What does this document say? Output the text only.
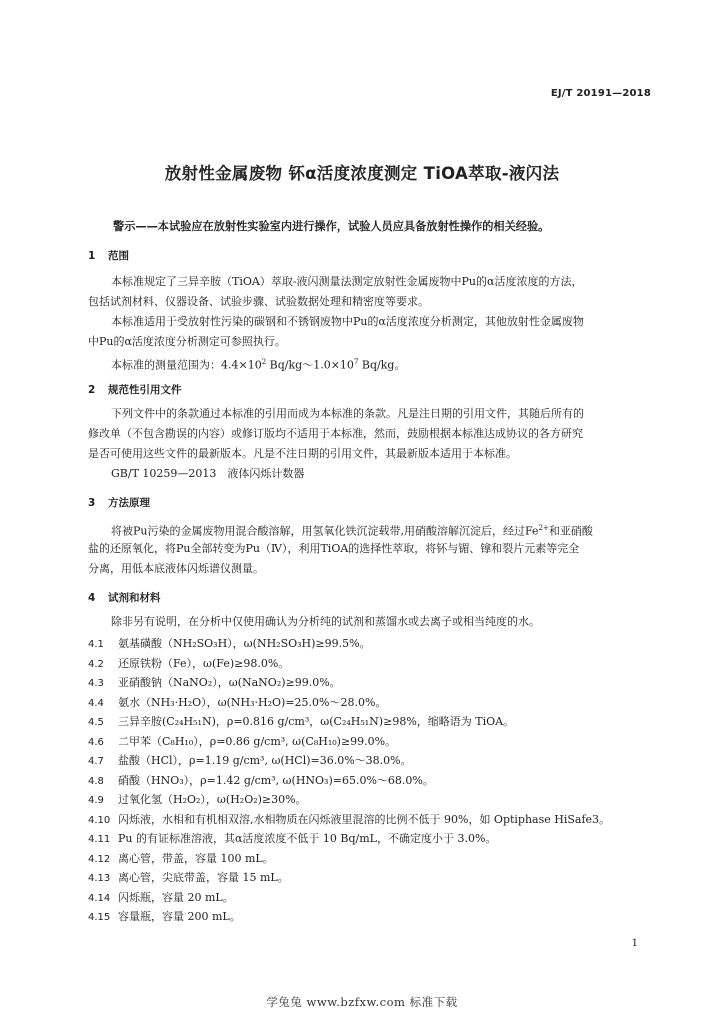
EJ/T 20191—2018
放射性金属废物 钚α活度浓度测定 TiOA萃取-液闪法
警示——本试验应在放射性实验室内进行操作，试验人员应具备放射性操作的相关经验。
1 范围
本标准规定了三异辛胺（TiOA）萃取-液闪测量法测定放射性金属废物中Pu的α活度浓度的方法，
包括试剂材料、仪器设备、试验步骤、试验数据处理和精密度等要求。
本标准适用于受放射性污染的碳钢和不锈钢废物中Pu的α活度浓度分析测定，其他放射性金属废物
中Pu的α活度浓度分析测定可参照执行。
本标准的测量范围为：$4.4\times 10^2$ $Bq/kg\sim 1.0\times 10^7$ Bq/kg。
2 规范性引用文件
下列文件中的条款通过本标准的引用而成为本标准的条款。凡是注日期的引用文件，其随后所有的
修改单（不包含勘误的内容）或修订版均不适用于本标准，然而，鼓励根据本标准达成协议的各方研究
是否可使用这些文件的最新版本。凡是不注日期的引用文件，其最新版本适用于本标准。
GB/T 10259—2013　液体闪烁计数器
3 方法原理
将被Pu污染的金属废物用混合酸溶解，用氢氧化铁沉淀载带,用硝酸溶解沉淀后，经过$Fe^{2+}$和亚硝酸
盐的还原氧化，将Pu全部转变为Pu（Ⅳ），利用TiOA的选择性萃取，将钚与镅、镎和裂片元素等完全
分离，用低本底液体闪烁谱仪测量。
4 试剂和材料
除非另有说明，在分析中仅使用确认为分析纯的试剂和蒸馏水或去离子或相当纯度的水。
4.1 氨基磺酸（NH₂SO₃H），ω(NH₂SO₃H)≥99.5%。
4.2 还原铁粉（Fe），ω(Fe)≥98.0%。
4.3 亚硝酸钠（NaNO₂），ω(NaNO₂)≥99.0%。
4.4 氨水（NH₃·H₂O），ω(NH₃·H₂O)=25.0%～28.0%。
4.5 三异辛胺(C₂₄H₅₁N)，ρ=0.816 g/cm³，ω(C₂₄H₅₁N)≥98%，缩略语为 TiOA。
4.6 二甲苯（C₈H₁₀），ρ=0.86 g/cm³, ω(C₈H₁₀)≥99.0%。
4.7 盐酸（HCl），ρ=1.19 g/cm³, ω(HCl)=36.0%～38.0%。
4.8 硝酸（HNO₃），ρ=1.42 g/cm³, ω(HNO₃)=65.0%～68.0%。
4.9 过氧化氢（H₂O₂），ω(H₂O₂)≥30%。
4.10 闪烁液，水相和有机相双溶,水相物质在闪烁液里混溶的比例不低于 90%，如 Optiphase HiSafe3。
4.11 Pu 的有证标准溶液，其α活度浓度不低于 10 Bq/mL，不确定度小于 3.0%。
4.12 离心管，带盖，容量 100 mL。
4.13 离心管，尖底带盖，容量 15 mL。
4.14 闪烁瓶，容量 20 mL。
4.15 容量瓶，容量 200 mL。
1
学兔兔 www.bzfxw.com 标准下载
